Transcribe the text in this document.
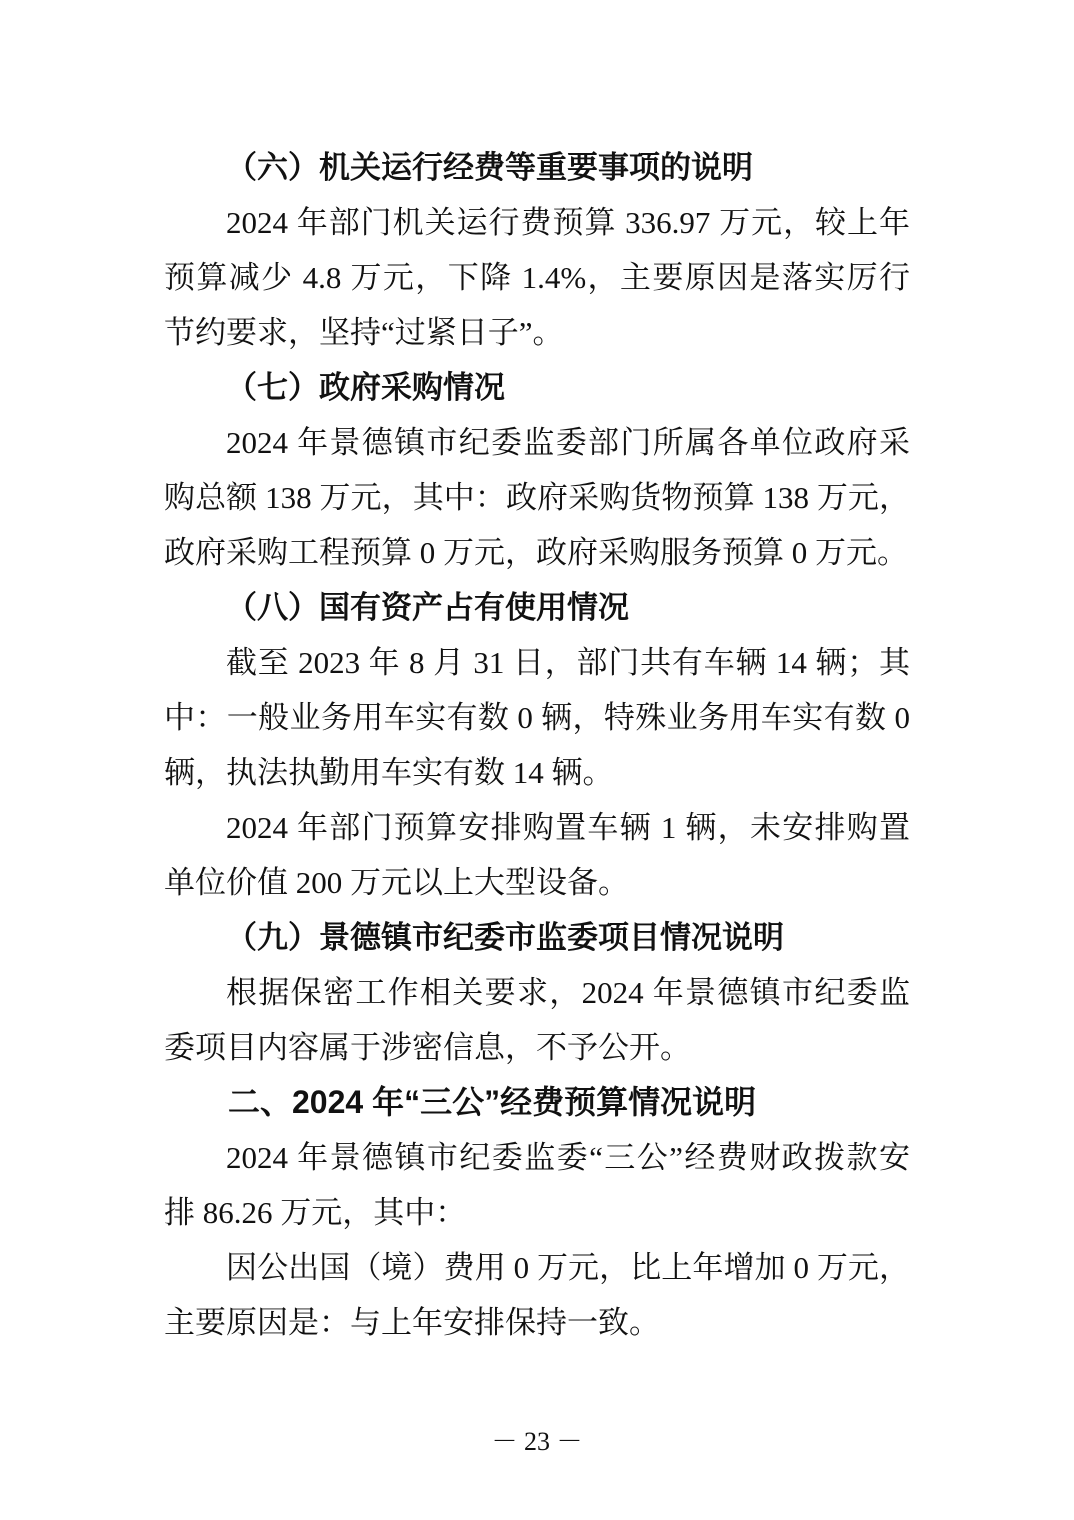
（六）机关运行经费等重要事项的说明
2024 年部门机关运行费预算 336.97 万元，较上年预算减少 4.8 万元，下降 1.4%，主要原因是落实厉行节约要求，坚持“过紧日子”。
（七）政府采购情况
2024 年景德镇市纪委监委部门所属各单位政府采购总额 138 万元，其中：政府采购货物预算 138 万元，政府采购工程预算 0 万元，政府采购服务预算 0 万元。
（八）国有资产占有使用情况
截至 2023 年 8 月 31 日，部门共有车辆 14 辆；其中：一般业务用车实有数 0 辆，特殊业务用车实有数 0 辆，执法执勤用车实有数 14 辆。
2024 年部门预算安排购置车辆 1 辆，未安排购置单位价值 200 万元以上大型设备。
（九）景德镇市纪委市监委项目情况说明
根据保密工作相关要求，2024 年景德镇市纪委监委项目内容属于涉密信息，不予公开。
二、2024 年“三公”经费预算情况说明
2024 年景德镇市纪委监委“三公”经费财政拨款安排 86.26 万元，其中：
因公出国（境）费用 0 万元，比上年增加 0 万元，主要原因是：与上年安排保持一致。
－ 23 －
